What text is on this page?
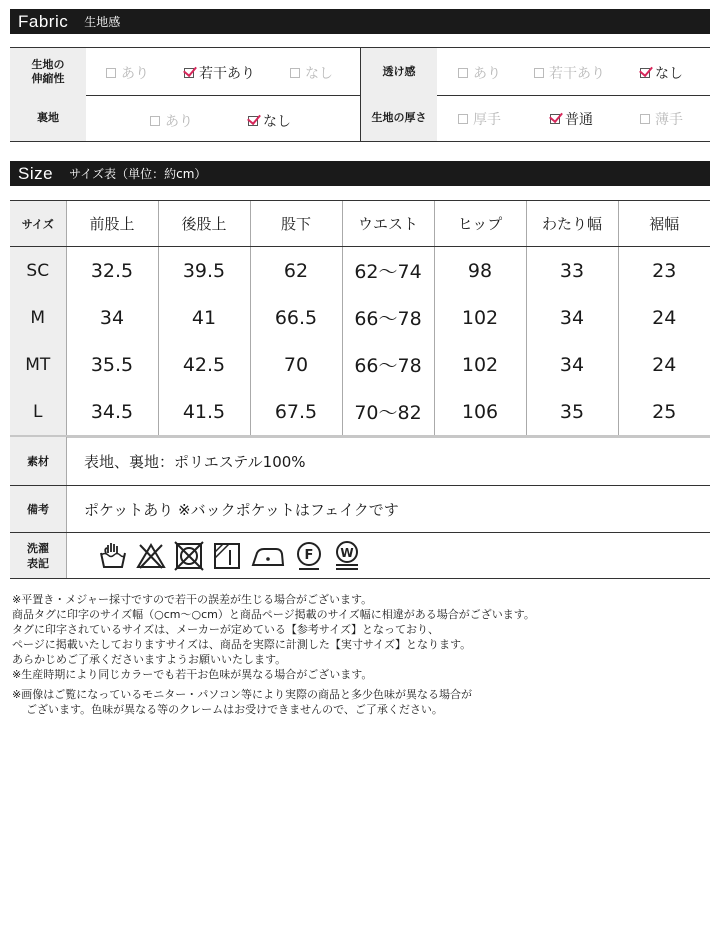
Fabric 生地感
生地の
伸縮性	あり	若干あり	なし	透け感	あり	若干あり	なし
裏地	あり	なし	生地の厚さ	厚手	普通	薄手
Size サイズ表（単位：約cm）
サイズ	前股上	後股上	股下	ウエスト	ヒップ	わたり幅	裾幅
SC	32.5	39.5	62	62〜74	98	33	23
M	34	41	66.5	66〜78	102	34	24
MT	35.5	42.5	70	66〜78	102	34	24
L	34.5	41.5	67.5	70〜82	106	35	25
素材	表地、裏地：ポリエステル100%
備考	ポケットあり ※バックポケットはフェイクです
洗濯
表記	F W

※平置き・メジャー採寸ですので若干の誤差が生じる場合がございます。

商品タグに印字のサイズ幅（○cm〜○cm）と商品ページ掲載のサイズ幅に相違がある場合がございます。

タグに印字されているサイズは、メーカーが定めている【参考サイズ】となっており、

ページに掲載いたしておりますサイズは、商品を実際に計測した【実寸サイズ】となります。

あらかじめご了承くださいますようお願いいたします。

※生産時期により同じカラーでも若干お色味が異なる場合がございます。

※画像はご覧になっているモニター・パソコン等により実際の商品と多少色味が異なる場合が

ございます。色味が異なる等のクレームはお受けできませんので、ご了承ください。
